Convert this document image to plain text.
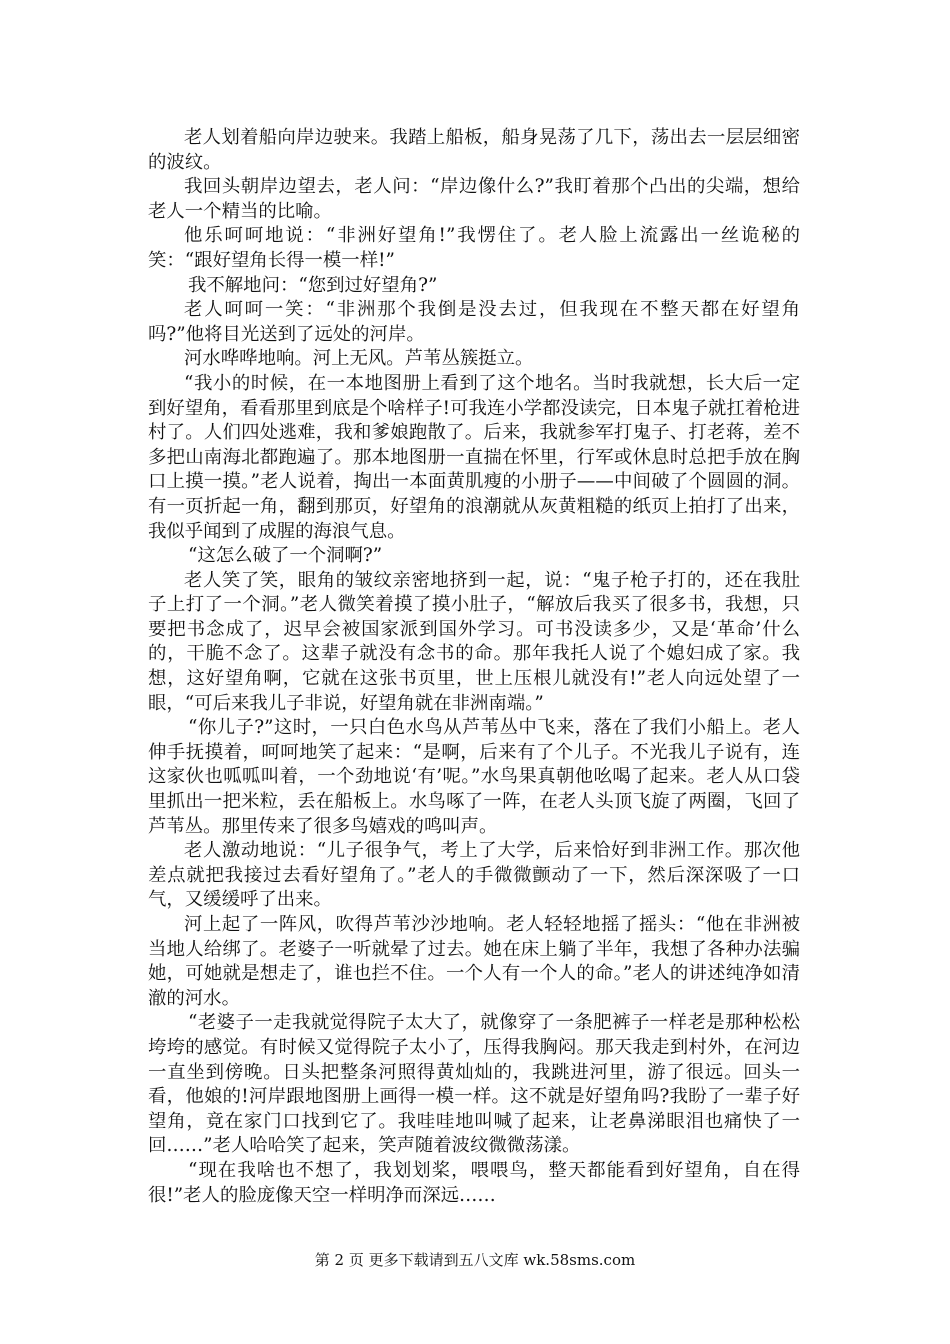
老人划着船向岸边驶来。我踏上船板，船身晃荡了几下，荡出去一层层细密的波纹。

我回头朝岸边望去，老人问：“岸边像什么?”我盯着那个凸出的尖端，想给老人一个精当的比喻。

他乐呵呵地说：“非洲好望角!”我愣住了。老人脸上流露出一丝诡秘的笑：“跟好望角长得一模一样!”

我不解地问：“您到过好望角?”

老人呵呵一笑：“非洲那个我倒是没去过，但我现在不整天都在好望角吗?”他将目光送到了远处的河岸。

河水哗哗地响。河上无风。芦苇丛簇挺立。

“我小的时候，在一本地图册上看到了这个地名。当时我就想，长大后一定到好望角，看看那里到底是个啥样子!可我连小学都没读完，日本鬼子就扛着枪进村了。人们四处逃难，我和爹娘跑散了。后来，我就参军打鬼子、打老蒋，差不多把山南海北都跑遍了。那本地图册一直揣在怀里，行军或休息时总把手放在胸口上摸一摸。”老人说着，掏出一本面黄肌瘦的小册子——中间破了个圆圆的洞。有一页折起一角，翻到那页，好望角的浪潮就从灰黄粗糙的纸页上拍打了出来，我似乎闻到了成腥的海浪气息。

“这怎么破了一个洞啊?”

老人笑了笑，眼角的皱纹亲密地挤到一起，说：“鬼子枪子打的，还在我肚子上打了一个洞。”老人微笑着摸了摸小肚子，“解放后我买了很多书，我想，只要把书念成了，迟早会被国家派到国外学习。可书没读多少，又是‘革命’什么的，干脆不念了。这辈子就没有念书的命。那年我托人说了个媳妇成了家。我想，这好望角啊，它就在这张书页里，世上压根儿就没有!”老人向远处望了一眼，“可后来我儿子非说，好望角就在非洲南端。”

“你儿子?”这时，一只白色水鸟从芦苇丛中飞来，落在了我们小船上。老人伸手抚摸着，呵呵地笑了起来：“是啊，后来有了个儿子。不光我儿子说有，连这家伙也呱呱叫着，一个劲地说‘有’呢。”水鸟果真朝他吆喝了起来。老人从口袋里抓出一把米粒，丢在船板上。水鸟啄了一阵，在老人头顶飞旋了两圈，飞回了芦苇丛。那里传来了很多鸟嬉戏的鸣叫声。

老人激动地说：“儿子很争气，考上了大学，后来恰好到非洲工作。那次他差点就把我接过去看好望角了。”老人的手微微颤动了一下，然后深深吸了一口气，又缓缓呼了出来。

河上起了一阵风，吹得芦苇沙沙地响。老人轻轻地摇了摇头：“他在非洲被当地人给绑了。老婆子一听就晕了过去。她在床上躺了半年，我想了各种办法骗她，可她就是想走了，谁也拦不住。一个人有一个人的命。”老人的讲述纯净如清澈的河水。

“老婆子一走我就觉得院子太大了，就像穿了一条肥裤子一样老是那种松松垮垮的感觉。有时候又觉得院子太小了，压得我胸闷。那天我走到村外，在河边一直坐到傍晚。日头把整条河照得黄灿灿的，我跳进河里，游了很远。回头一看，他娘的!河岸跟地图册上画得一模一样。这不就是好望角吗?我盼了一辈子好望角，竟在家门口找到它了。我哇哇地叫喊了起来，让老鼻涕眼泪也痛快了一回……”老人哈哈笑了起来，笑声随着波纹微微荡漾。

“现在我啥也不想了，我划划桨，喂喂鸟，整天都能看到好望角，自在得很!”老人的脸庞像天空一样明净而深远……

第 2 页 更多下载请到五八文库 wk.58sms.com
